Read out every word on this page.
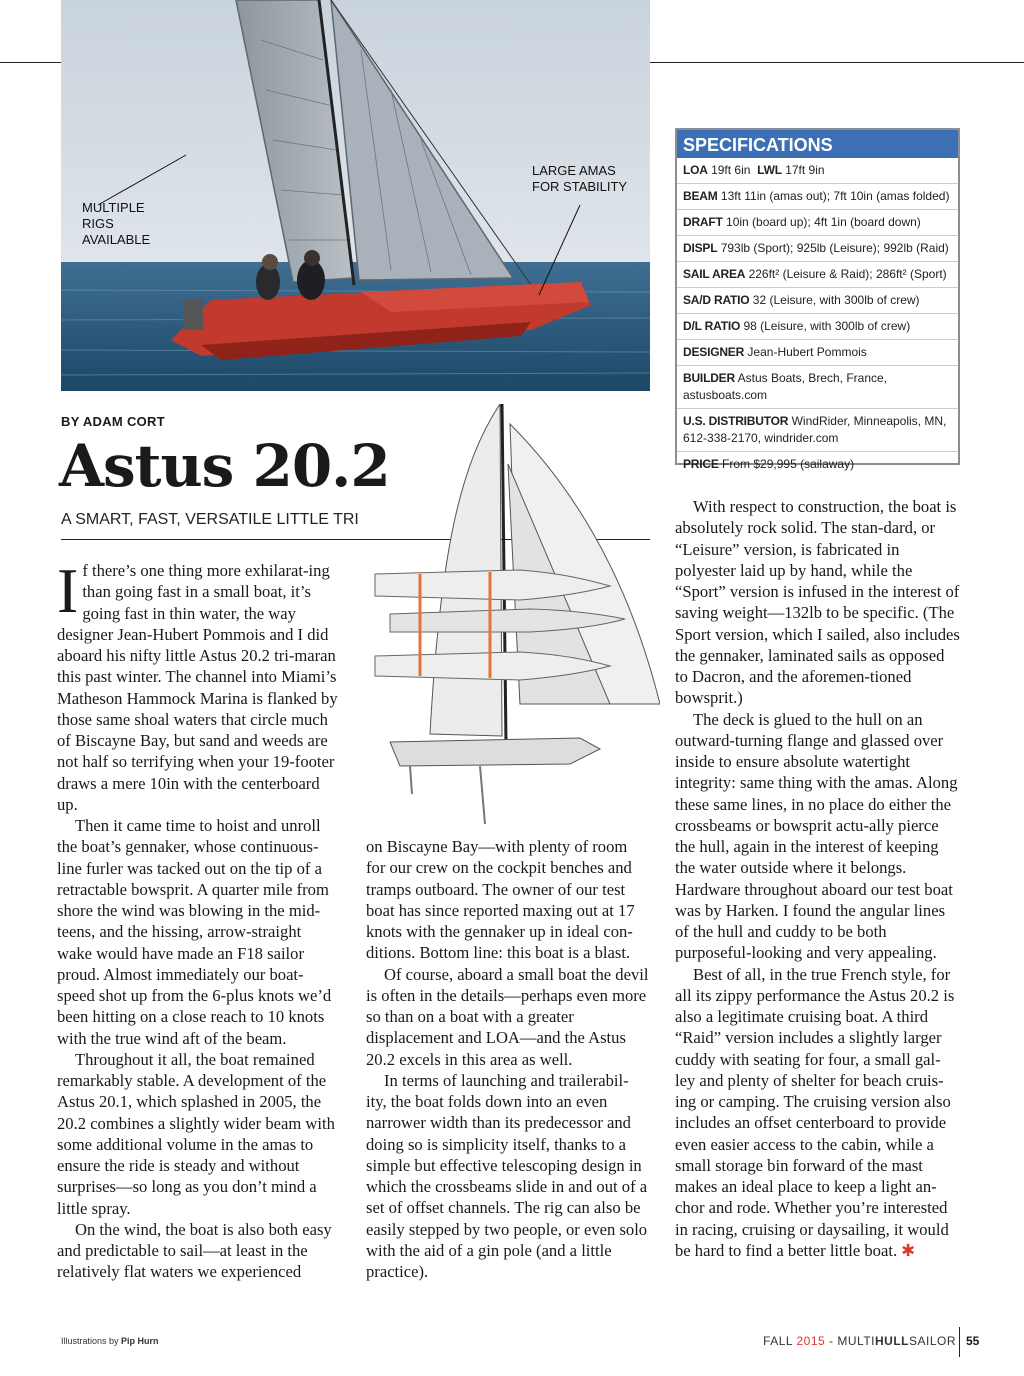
MULTIPLE
RIGS
AVAILABLE
LARGE AMAS
FOR STABILITY
BY ADAM CORT
Astus 20.2
A SMART, FAST, VERSATILE LITTLE TRI

If there’s one thing more exhilarat-ing than going fast in a small boat, it’s going fast in thin water, the way designer Jean-Hubert Pommois and I did aboard his nifty little Astus 20.2 tri-maran this past winter. The channel into Miami’s Matheson Hammock Marina is flanked by those same shoal waters that circle much of Biscayne Bay, but sand and weeds are not half so terrifying when your 19-footer draws a mere 10in with the centerboard up.

Then it came time to hoist and unroll the boat’s gennaker, whose continuous-line furler was tacked out on the tip of a retractable bowsprit. A quarter mile from shore the wind was blowing in the mid-teens, and the hissing, arrow-straight wake would have made an F18 sailor proud. Almost immediately our boat-speed shot up from the 6-plus knots we’d been hitting on a close reach to 10 knots with the true wind aft of the beam.

Throughout it all, the boat remained remarkably stable. A development of the Astus 20.1, which splashed in 2005, the 20.2 combines a slightly wider beam with some additional volume in the amas to ensure the ride is steady and without surprises—so long as you don’t mind a little spray.

On the wind, the boat is also both easy and predictable to sail—at least in the relatively flat waters we experienced

on Biscayne Bay—with plenty of room for our crew on the cockpit benches and tramps outboard. The owner of our test boat has since reported maxing out at 17 knots with the gennaker up in ideal con-ditions. Bottom line: this boat is a blast.

Of course, aboard a small boat the devil is often in the details—perhaps even more so than on a boat with a greater displacement and LOA—and the Astus 20.2 excels in this area as well.

In terms of launching and trailerabil-ity, the boat folds down into an even narrower width than its predecessor and doing so is simplicity itself, thanks to a simple but effective telescoping design in which the crossbeams slide in and out of a set of offset channels. The rig can also be easily stepped by two people, or even solo with the aid of a gin pole (and a little practice).

SPECIFICATIONS
LOA 19ft 6in LWL 17ft 9in
BEAM 13ft 11in (amas out); 7ft 10in (amas folded)
DRAFT 10in (board up); 4ft 1in (board down)
DISPL 793lb (Sport); 925lb (Leisure); 992lb (Raid)
SAIL AREA 226ft² (Leisure & Raid); 286ft² (Sport)
SA/D RATIO 32 (Leisure, with 300lb of crew)
D/L RATIO 98 (Leisure, with 300lb of crew)
DESIGNER Jean-Hubert Pommois
BUILDER Astus Boats, Brech, France, astusboats.com
U.S. DISTRIBUTOR WindRider, Minneapolis, MN, 612-338-2170, windrider.com
PRICE From $29,995 (sailaway)

With respect to construction, the boat is absolutely rock solid. The stan-dard, or “Leisure” version, is fabricated in polyester laid up by hand, while the “Sport” version is infused in the interest of saving weight—132lb to be specific. (The Sport version, which I sailed, also includes the gennaker, laminated sails as opposed to Dacron, and the aforemen-tioned bowsprit.)

The deck is glued to the hull on an outward-turning flange and glassed over inside to ensure absolute watertight integrity: same thing with the amas. Along these same lines, in no place do either the crossbeams or bowsprit actu-ally pierce the hull, again in the interest of keeping the water outside where it belongs. Hardware throughout aboard our test boat was by Harken. I found the angular lines of the hull and cuddy to be both purposeful-looking and very appealing.

Best of all, in the true French style, for all its zippy performance the Astus 20.2 is also a legitimate cruising boat. A third “Raid” version includes a slightly larger cuddy with seating for four, a small gal-ley and plenty of shelter for beach cruis-ing or camping. The cruising version also includes an offset centerboard to provide even easier access to the cabin, while a small storage bin forward of the mast makes an ideal place to keep a light an-chor and rode. Whether you’re interested in racing, cruising or daysailing, it would be hard to find a better little boat. ✱

Illustrations by Pip Hurn	FALL 2015 - MULTIHULLSAILOR 55
